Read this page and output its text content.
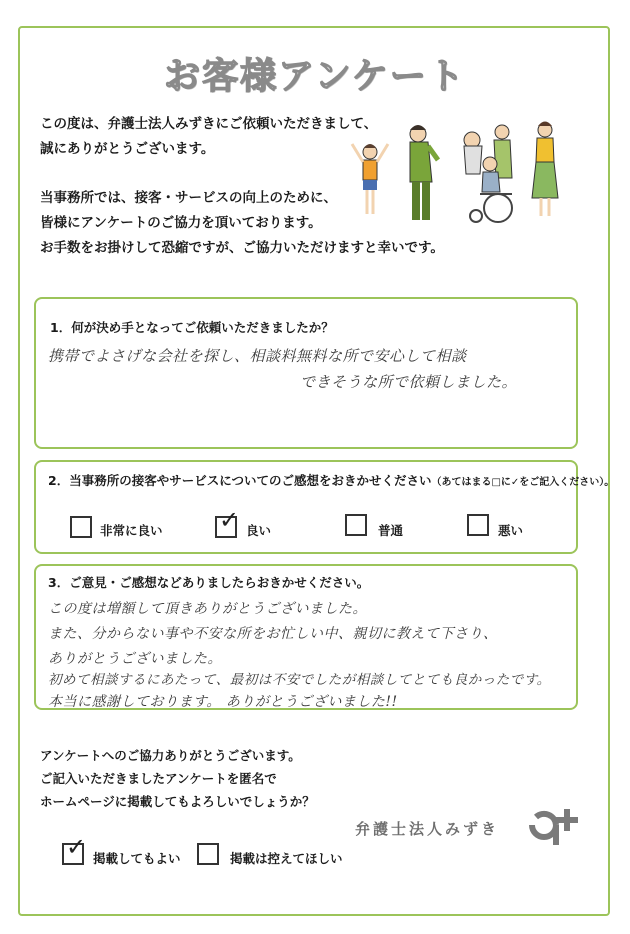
お客様アンケート
この度は、弁護士法人みずきにご依頼いただきまして、
誠にありがとうございます。
当事務所では、接客・サービスの向上のために、
皆様にアンケートのご協力を頂いております。
お手数をお掛けして恐縮ですが、ご協力いただけますと幸いです。
1．何が決め手となってご依頼いただきましたか？
携帯でよさげな会社を探し、相談料無料な所で安心して相談
できそうな所で依頼しました。
2．当事務所の接客やサービスについてのご感想をおきかせください（あてはまる□に✓をご記入ください）。
非常に良い ✓ 良い	普通	悪い
3．ご意見・ご感想などありましたらおきかせください。
この度は増額して頂きありがとうございました。
また、分からない事や不安な所をお忙しい中、親切に教えて下さり、
ありがとうございました。
初めて相談するにあたって、最初は不安でしたが相談してとても良かったです。
本当に感謝しております。 ありがとうございました!!
アンケートへのご協力ありがとうございます。
ご記入いただきましたアンケートを匿名で
ホームページに掲載してもよろしいでしょうか？
✓ 掲載してもよい	掲載は控えてほしい
弁護士法人みずき
